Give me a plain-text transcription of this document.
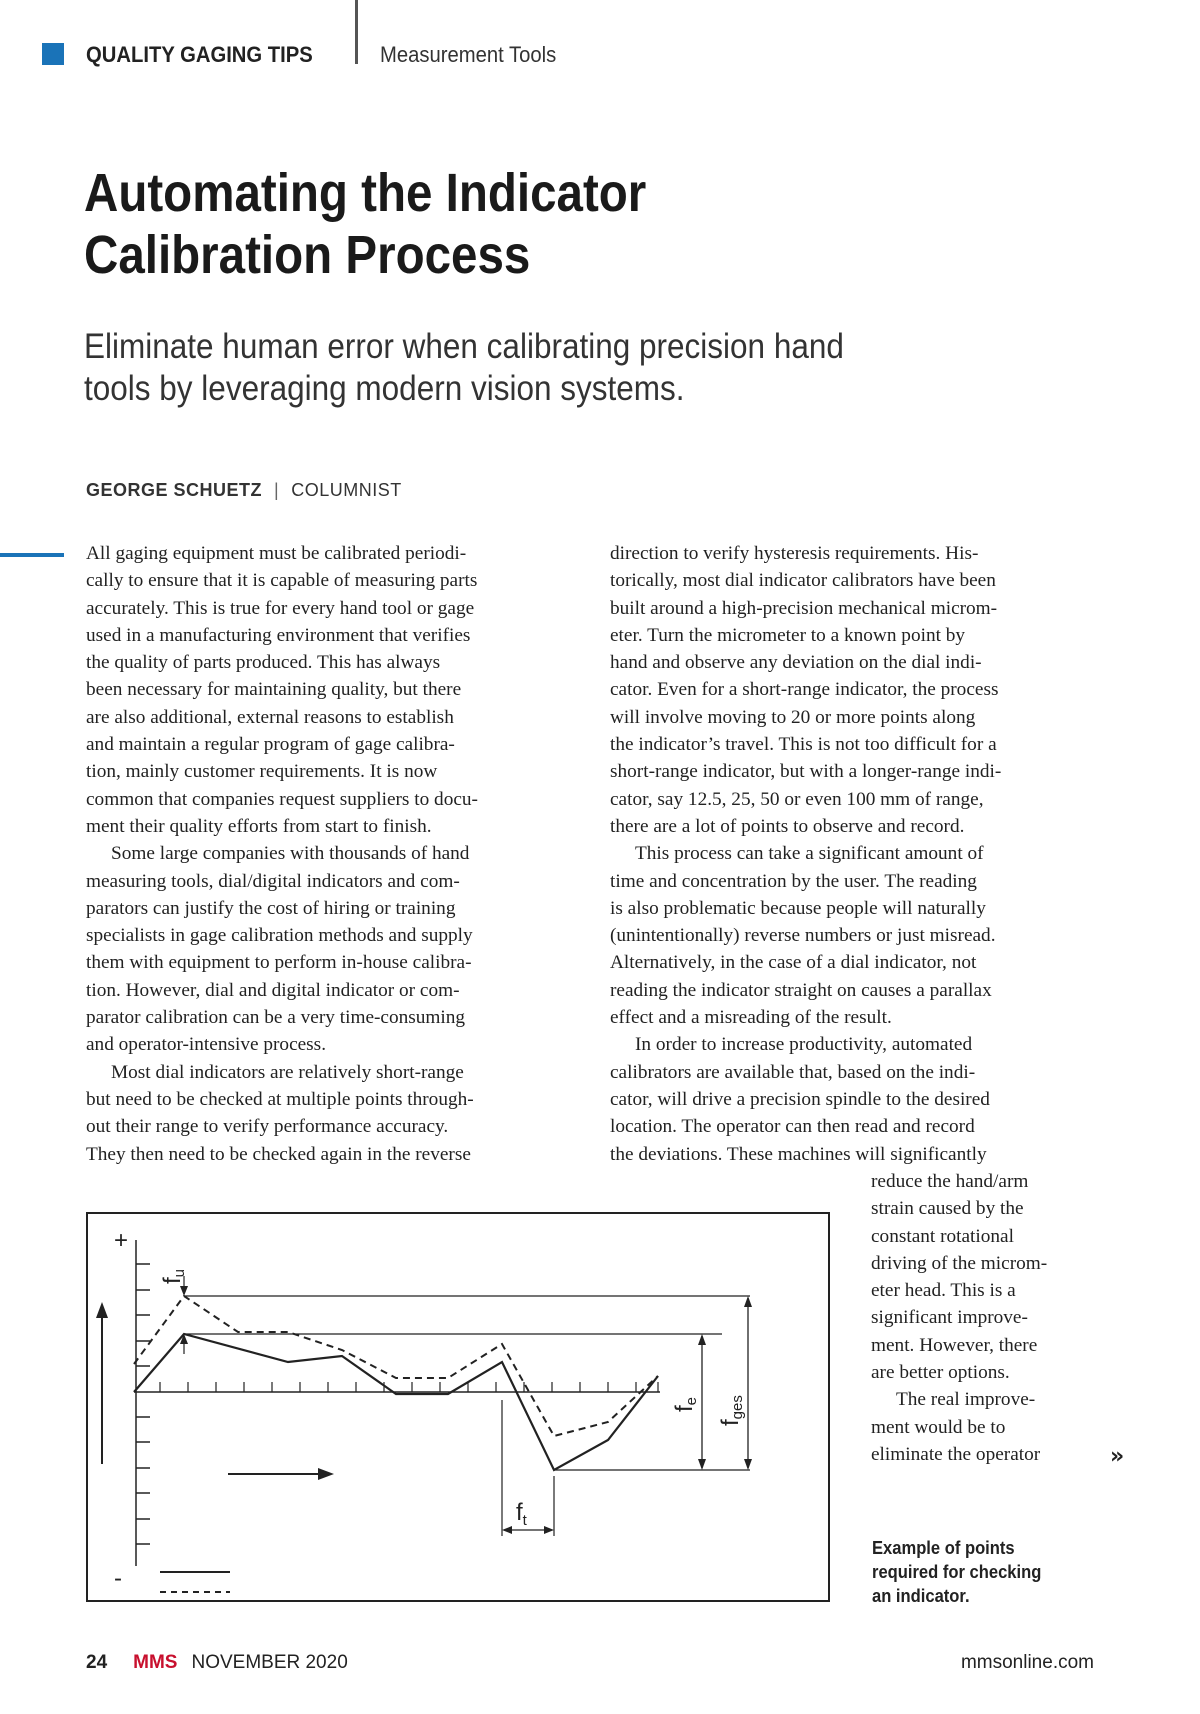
QUALITY GAGING TIPS	Measurement Tools
Automating the Indicator
Calibration Process
Eliminate human error when calibrating precision hand
tools by leveraging modern vision systems.
GEORGE SCHUETZ | COLUMNIST
All gaging equipment must be calibrated periodi-
cally to ensure that it is capable of measuring parts
accurately. This is true for every hand tool or gage
used in a manufacturing environment that verifies
the quality of parts produced. This has always
been necessary for maintaining quality, but there
are also additional, external reasons to establish
and maintain a regular program of gage calibra-
tion, mainly customer requirements. It is now
common that companies request suppliers to docu-
ment their quality efforts from start to finish.
Some large companies with thousands of hand
measuring tools, dial/digital indicators and com-
parators can justify the cost of hiring or training
specialists in gage calibration methods and supply
them with equipment to perform in-house calibra-
tion. However, dial and digital indicator or com-
parator calibration can be a very time-consuming
and operator-intensive process.
Most dial indicators are relatively short-range
but need to be checked at multiple points through-
out their range to verify performance accuracy.
They then need to be checked again in the reverse
direction to verify hysteresis requirements. His-
torically, most dial indicator calibrators have been
built around a high-precision mechanical microm-
eter. Turn the micrometer to a known point by
hand and observe any deviation on the dial indi-
cator. Even for a short-range indicator, the process
will involve moving to 20 or more points along
the indicator’s travel. This is not too difficult for a
short-range indicator, but with a longer-range indi-
cator, say 12.5, 25, 50 or even 100 mm of range,
there are a lot of points to observe and record.
This process can take a significant amount of
time and concentration by the user. The reading
is also problematic because people will naturally
(unintentionally) reverse numbers or just misread.
Alternatively, in the case of a dial indicator, not
reading the indicator straight on causes a parallax
effect and a misreading of the result.
In order to increase productivity, automated
calibrators are available that, based on the indi-
cator, will drive a precision spindle to the desired
location. The operator can then read and record
the deviations. These machines will significantly
reduce the hand/arm
strain caused by the
constant rotational
driving of the microm-
eter head. This is a
significant improve-
ment. However, there
are better options.
The real improve-
ment would be to
eliminate the operator	»
+
-
fu
fe
fges
$f_t$
Example of points
required for checking
an indicator.
24 MMS NOVEMBER 2020	mmsonline.com
